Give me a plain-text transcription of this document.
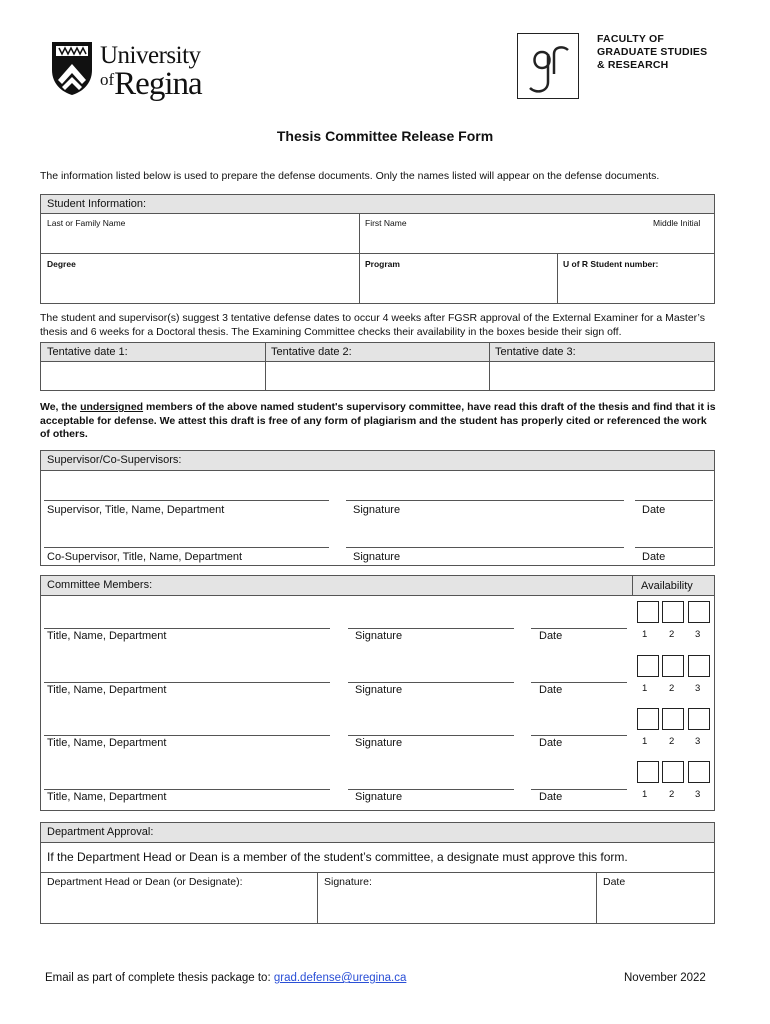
University
ofRegina
FACULTY OF
GRADUATE STUDIES
& RESEARCH
Thesis Committee Release Form
The information listed below is used to prepare the defense documents. Only the names listed will appear on the defense documents.
Student Information:
Last or Family Name	First Name	Middle Initial
Degree	Program	U of R Student number:
The student and supervisor(s) suggest 3 tentative defense dates to occur 4 weeks after FGSR approval of the External Examiner for a Master’s thesis and 6 weeks for a Doctoral thesis. The Examining Committee checks their availability in the boxes beside their sign off.
Tentative date 1:	Tentative date 2:	Tentative date 3:
We, the undersigned members of the above named student's supervisory committee, have read this draft of the thesis and find that it is acceptable for defense. We attest this draft is free of any form of plagiarism and the student has properly cited or referenced the work of others.
Supervisor/Co-Supervisors:
Supervisor, Title, Name, Department	Signature	Date
Co-Supervisor, Title, Name, Department	Signature	Date
Committee Members:	Availability
Title, Name, Department	Signature	Date	1 2 3
Title, Name, Department	Signature	Date	1 2 3
Title, Name, Department	Signature	Date	1 2 3
Title, Name, Department	Signature	Date	1 2 3
Department Approval:
If the Department Head or Dean is a member of the student’s committee, a designate must approve this form.
Department Head or Dean (or Designate):	Signature:	Date
Email as part of complete thesis package to: grad.defense@uregina.ca	November 2022
